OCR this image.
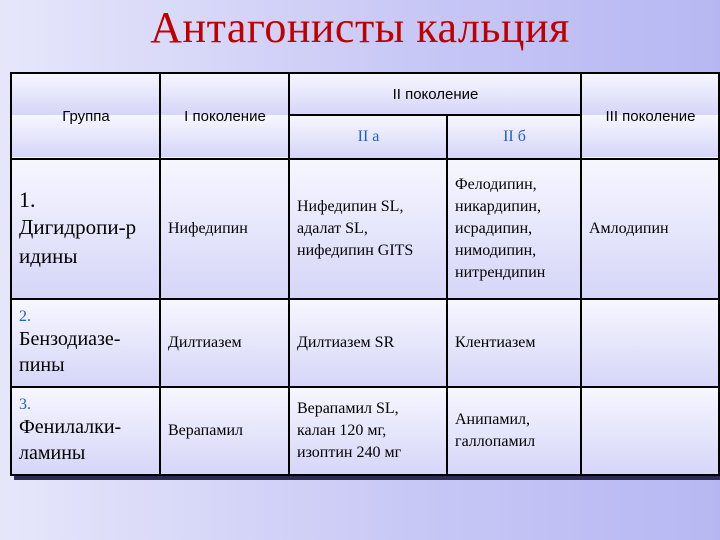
Антагонисты кальция
Группа	I поколение	II поколение		III поколение
		II а	II б	

1.
Дигидропи-р идины	Нифедипин	Нифедипин SL, адалат SL, нифедипин GITS	Фелодипин, никардипин, исрадипин, нимодипин, нитрендипин	Амлодипин

2.
Бензодиазе-пины	Дилтиазем	Дилтиазем SR	Клентиазем	

3.
Фенилалки-ламины	Верапамил	Верапамил SL, калан 120 мг, изоптин 240 мг	Анипамил, галлопамил	
